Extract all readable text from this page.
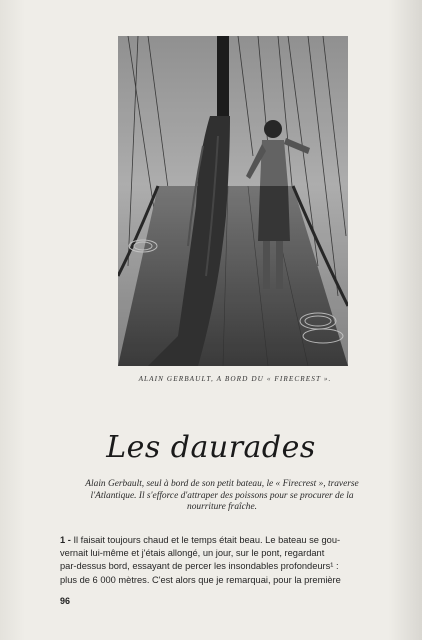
ALAIN GERBAULT, A BORD DU « FIRECREST ».
Les daurades
Alain Gerbault, seul à bord de son petit bateau, le « Firecrest », traverse l'Atlantique. Il s'efforce d'attraper des poissons pour se procurer de la nourriture fraîche.
1 - Il faisait toujours chaud et le temps était beau. Le bateau se gou-
vernait lui-même et j'étais allongé, un jour, sur le pont, regardant
par-dessus bord, essayant de percer les insondables profondeurs¹ :
plus de 6 000 mètres. C'est alors que je remarquai, pour la première
96
